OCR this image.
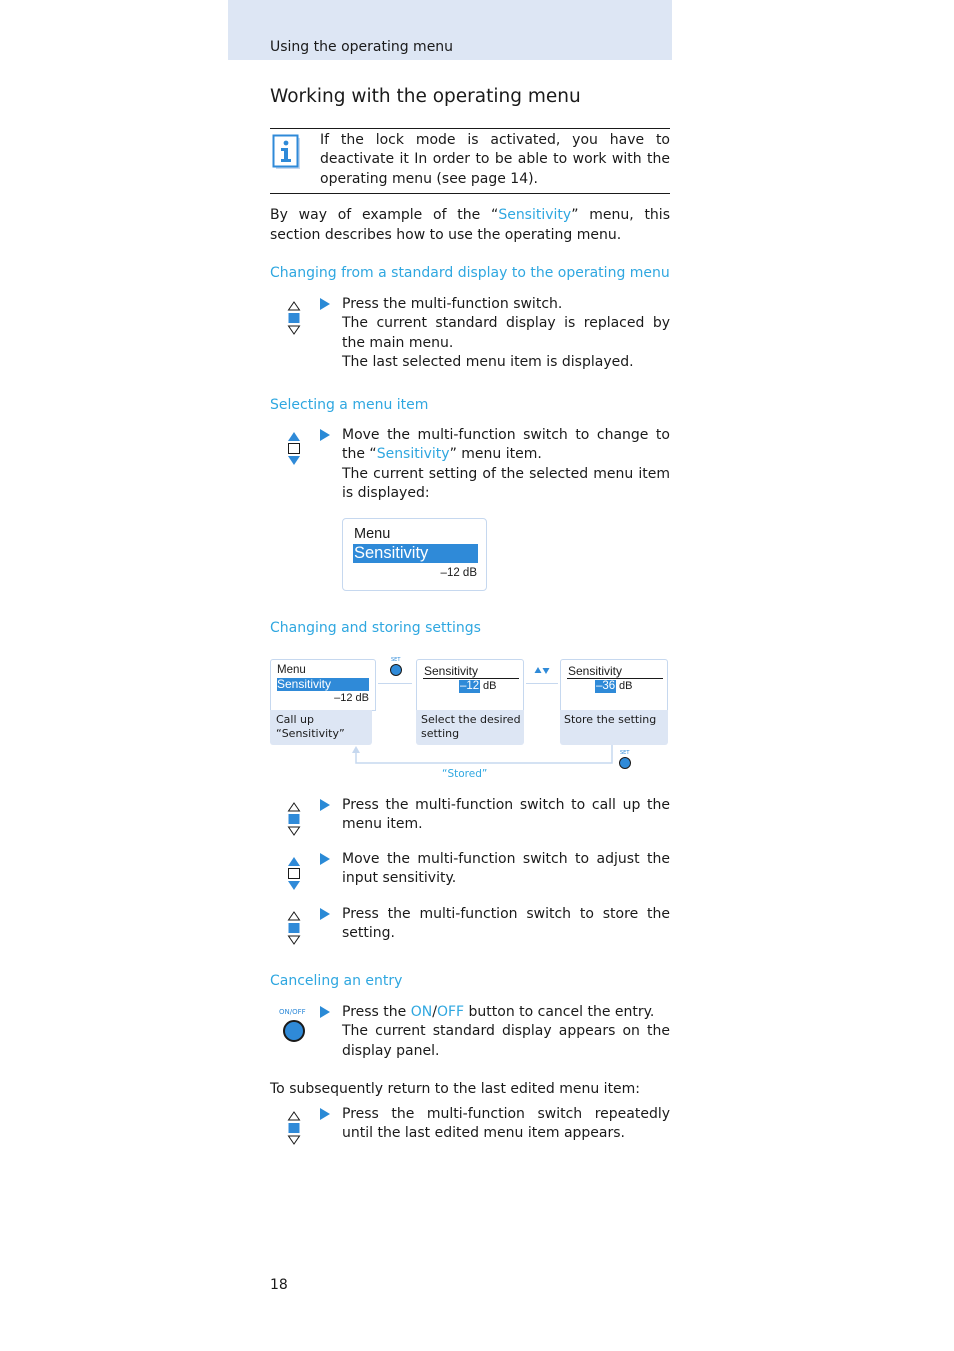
Using the operating menu
Working with the operating menu
If the lock mode is activated, you have to deactivate it In order to be able to work with the operating menu (see page 14).
By way of example of the “Sensitivity” menu, this section describes how to use the operating menu.
Changing from a standard display to the operating menu
Press the multi-function switch.
The current standard display is replaced by the main menu.
The last selected menu item is displayed.
Selecting a menu item
Move the multi-function switch to change to the “Sensitivity” menu item.
The current setting of the selected menu item is displayed:
Menu
Sensitivity
–12 dB
Changing and storing settings
Menu
Sensitivity
–12 dB
Call up
“Sensitivity”
SET
Sensitivity
–12 dB
Select the desired
setting
Sensitivity
–36 dB
Store the setting
SET
“Stored”
Press the multi-function switch to call up the menu item.
Move the multi-function switch to adjust the input sensitivity.
Press the multi-function switch to store the setting.
Canceling an entry
ON/OFF	Press the ON/OFF button to cancel the entry.
The current standard display appears on the display panel.
To subsequently return to the last edited menu item:
Press the multi-function switch repeatedly until the last edited menu item appears.
18
